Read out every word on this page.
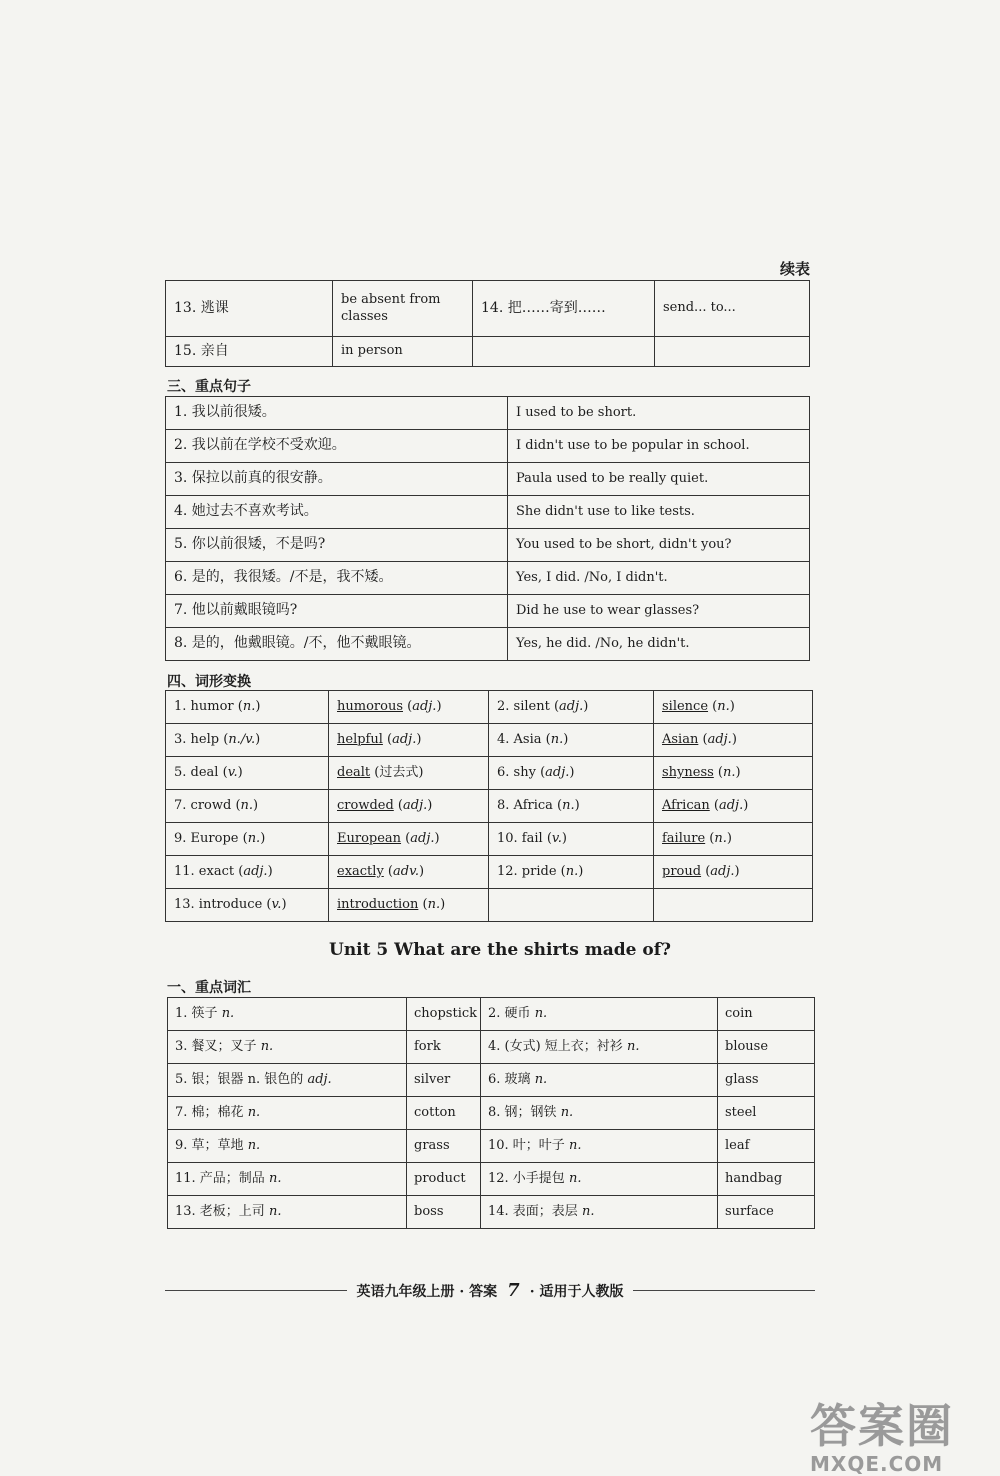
续表
13. 逃课	be absent from classes	14. 把……寄到……	send... to...
15. 亲自	in person		
三、重点句子
1. 我以前很矮。	I used to be short.
2. 我以前在学校不受欢迎。	I didn't use to be popular in school.
3. 保拉以前真的很安静。	Paula used to be really quiet.
4. 她过去不喜欢考试。	She didn't use to like tests.
5. 你以前很矮，不是吗?	You used to be short, didn't you?
6. 是的，我很矮。/不是，我不矮。	Yes, I did. /No, I didn't.
7. 他以前戴眼镜吗?	Did he use to wear glasses?
8. 是的，他戴眼镜。/不，他不戴眼镜。	Yes, he did. /No, he didn't.
四、词形变换
1. humor (n.)	humorous (adj.)	2. silent (adj.)	silence (n.)
3. help (n./v.)	helpful (adj.)	4. Asia (n.)	Asian (adj.)
5. deal (v.)	dealt (过去式)	6. shy (adj.)	shyness (n.)
7. crowd (n.)	crowded (adj.)	8. Africa (n.)	African (adj.)
9. Europe (n.)	European (adj.)	10. fail (v.)	failure (n.)
11. exact (adj.)	exactly (adv.)	12. pride (n.)	proud (adj.)
13. introduce (v.)	introduction (n.)		
Unit 5 What are the shirts made of?
一、重点词汇
1. 筷子 n.	chopstick	2. 硬币 n.	coin
3. 餐叉；叉子 n.	fork	4. (女式) 短上衣；衬衫 n.	blouse
5. 银；银器 n. 银色的 adj.	silver	6. 玻璃 n.	glass
7. 棉；棉花 n.	cotton	8. 钢；钢铁 n.	steel
9. 草；草地 n.	grass	10. 叶；叶子 n.	leaf
11. 产品；制品 n.	product	12. 小手提包 n.	handbag
13. 老板；上司 n.	boss	14. 表面；表层 n.	surface
英语九年级上册 · 答案 7 · 适用于人教版
答案圈
MXQE.COM
